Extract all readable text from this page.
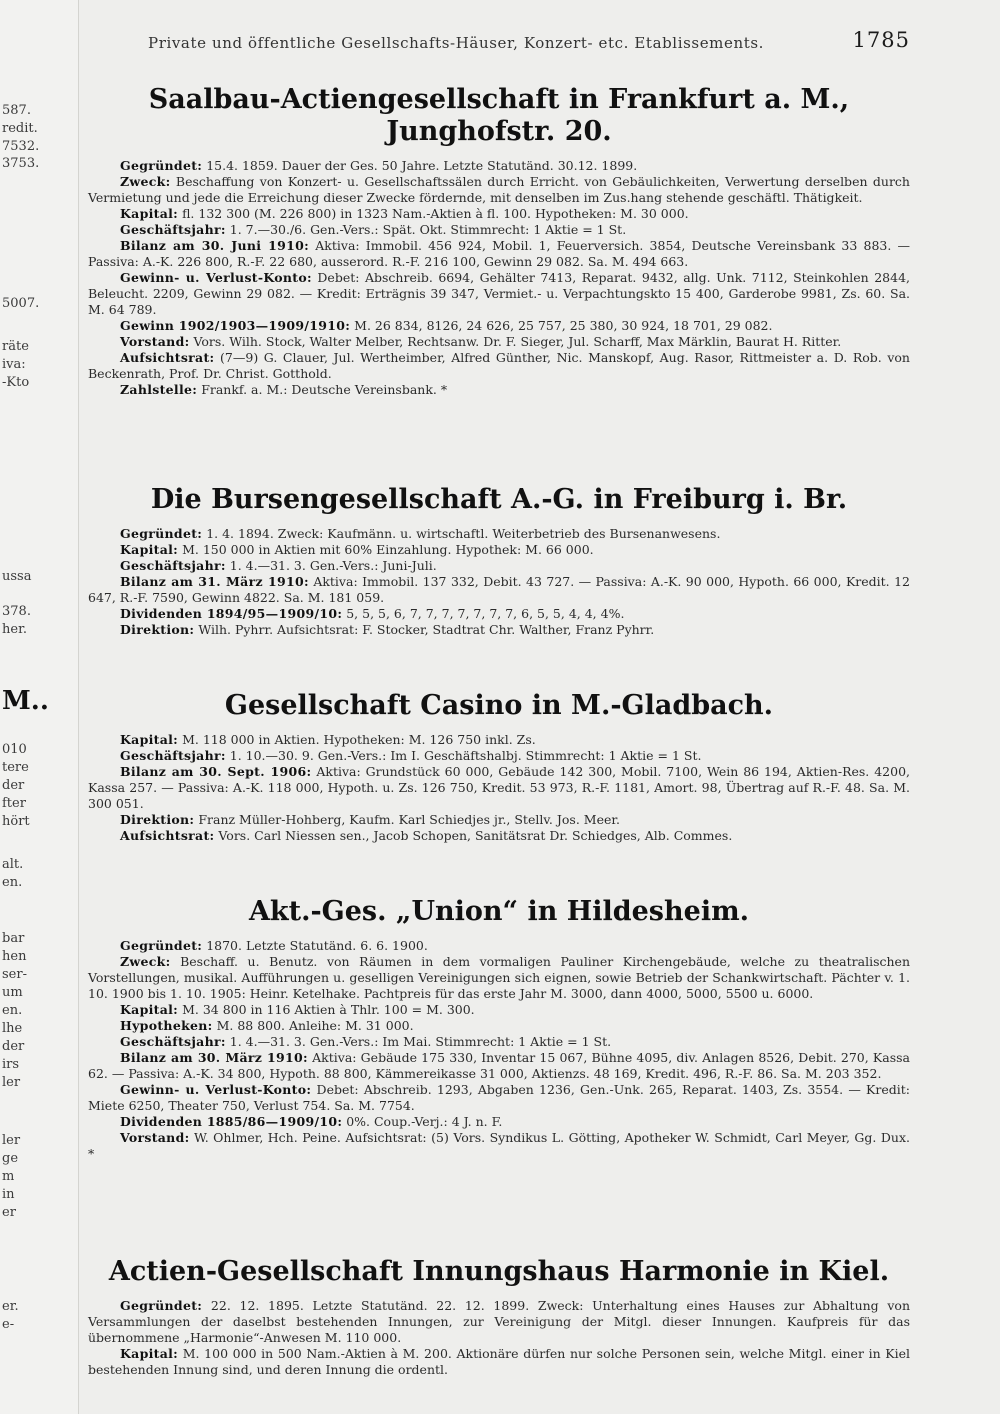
587.
redit.
7532.
3753.
5007.
räte
iva:
-Kto
ussa
378.
her.
M..
010
tere
der
fter
hört
alt.
en.
bar
hen
ser-
um
en.
lhe
der
irs
ler
ler
ge
m
in
er
er.
e-
Private und öffentliche Gesellschafts-Häuser, Konzert- etc. Etablissements.	1785
Saalbau-Actiengesellschaft in Frankfurt a. M., Junghofstr. 20.

Gegründet: 15.4. 1859. Dauer der Ges. 50 Jahre. Letzte Statutänd. 30.12. 1899.

Zweck: Beschaffung von Konzert- u. Gesellschaftssälen durch Erricht. von Gebäulichkeiten, Verwertung derselben durch Vermietung und jede die Erreichung dieser Zwecke fördernde, mit denselben im Zus.hang stehende geschäftl. Thätigkeit.

Kapital: fl. 132 300 (M. 226 800) in 1323 Nam.-Aktien à fl. 100. Hypotheken: M. 30 000.

Geschäftsjahr: 1. 7.—30./6. Gen.-Vers.: Spät. Okt. Stimmrecht: 1 Aktie = 1 St.

Bilanz am 30. Juni 1910: Aktiva: Immobil. 456 924, Mobil. 1, Feuerversich. 3854, Deutsche Vereinsbank 33 883. — Passiva: A.-K. 226 800, R.-F. 22 680, ausserord. R.-F. 216 100, Gewinn 29 082. Sa. M. 494 663.

Gewinn- u. Verlust-Konto: Debet: Abschreib. 6694, Gehälter 7413, Reparat. 9432, allg. Unk. 7112, Steinkohlen 2844, Beleucht. 2209, Gewinn 29 082. — Kredit: Erträgnis 39 347, Vermiet.- u. Verpachtungskto 15 400, Garderobe 9981, Zs. 60. Sa. M. 64 789.

Gewinn 1902/1903—1909/1910: M. 26 834, 8126, 24 626, 25 757, 25 380, 30 924, 18 701, 29 082.

Vorstand: Vors. Wilh. Stock, Walter Melber, Rechtsanw. Dr. F. Sieger, Jul. Scharff, Max Märklin, Baurat H. Ritter.

Aufsichtsrat: (7—9) G. Clauer, Jul. Wertheimber, Alfred Günther, Nic. Manskopf, Aug. Rasor, Rittmeister a. D. Rob. von Beckenrath, Prof. Dr. Christ. Gotthold.

Zahlstelle: Frankf. a. M.: Deutsche Vereinsbank. *

Die Bursengesellschaft A.-G. in Freiburg i. Br.

Gegründet: 1. 4. 1894. Zweck: Kaufmänn. u. wirtschaftl. Weiterbetrieb des Bursenanwesens.

Kapital: M. 150 000 in Aktien mit 60% Einzahlung. Hypothek: M. 66 000.

Geschäftsjahr: 1. 4.—31. 3. Gen.-Vers.: Juni-Juli.

Bilanz am 31. März 1910: Aktiva: Immobil. 137 332, Debit. 43 727. — Passiva: A.-K. 90 000, Hypoth. 66 000, Kredit. 12 647, R.-F. 7590, Gewinn 4822. Sa. M. 181 059.

Dividenden 1894/95—1909/10: 5, 5, 5, 6, 7, 7, 7, 7, 7, 7, 7, 6, 5, 5, 4, 4, 4%.

Direktion: Wilh. Pyhrr. Aufsichtsrat: F. Stocker, Stadtrat Chr. Walther, Franz Pyhrr.

Gesellschaft Casino in M.-Gladbach.

Kapital: M. 118 000 in Aktien. Hypotheken: M. 126 750 inkl. Zs.

Geschäftsjahr: 1. 10.—30. 9. Gen.-Vers.: Im I. Geschäftshalbj. Stimmrecht: 1 Aktie = 1 St.

Bilanz am 30. Sept. 1906: Aktiva: Grundstück 60 000, Gebäude 142 300, Mobil. 7100, Wein 86 194, Aktien-Res. 4200, Kassa 257. — Passiva: A.-K. 118 000, Hypoth. u. Zs. 126 750, Kredit. 53 973, R.-F. 1181, Amort. 98, Übertrag auf R.-F. 48. Sa. M. 300 051.

Direktion: Franz Müller-Hohberg, Kaufm. Karl Schiedjes jr., Stellv. Jos. Meer.

Aufsichtsrat: Vors. Carl Niessen sen., Jacob Schopen, Sanitätsrat Dr. Schiedges, Alb. Commes.

Akt.-Ges. „Union“ in Hildesheim.

Gegründet: 1870. Letzte Statutänd. 6. 6. 1900.

Zweck: Beschaff. u. Benutz. von Räumen in dem vormaligen Pauliner Kirchengebäude, welche zu theatralischen Vorstellungen, musikal. Aufführungen u. geselligen Vereinigungen sich eignen, sowie Betrieb der Schankwirtschaft. Pächter v. 1. 10. 1900 bis 1. 10. 1905: Heinr. Ketelhake. Pachtpreis für das erste Jahr M. 3000, dann 4000, 5000, 5500 u. 6000.

Kapital: M. 34 800 in 116 Aktien à Thlr. 100 = M. 300.

Hypotheken: M. 88 800. Anleihe: M. 31 000.

Geschäftsjahr: 1. 4.—31. 3. Gen.-Vers.: Im Mai. Stimmrecht: 1 Aktie = 1 St.

Bilanz am 30. März 1910: Aktiva: Gebäude 175 330, Inventar 15 067, Bühne 4095, div. Anlagen 8526, Debit. 270, Kassa 62. — Passiva: A.-K. 34 800, Hypoth. 88 800, Kämmereikasse 31 000, Aktienzs. 48 169, Kredit. 496, R.-F. 86. Sa. M. 203 352.

Gewinn- u. Verlust-Konto: Debet: Abschreib. 1293, Abgaben 1236, Gen.-Unk. 265, Reparat. 1403, Zs. 3554. — Kredit: Miete 6250, Theater 750, Verlust 754. Sa. M. 7754.

Dividenden 1885/86—1909/10: 0%. Coup.-Verj.: 4 J. n. F.

Vorstand: W. Ohlmer, Hch. Peine. Aufsichtsrat: (5) Vors. Syndikus L. Götting, Apotheker W. Schmidt, Carl Meyer, Gg. Dux. *

Actien-Gesellschaft Innungshaus Harmonie in Kiel.

Gegründet: 22. 12. 1895. Letzte Statutänd. 22. 12. 1899. Zweck: Unterhaltung eines Hauses zur Abhaltung von Versammlungen der daselbst bestehenden Innungen, zur Vereinigung der Mitgl. dieser Innungen. Kaufpreis für das übernommene „Harmonie“-Anwesen M. 110 000.

Kapital: M. 100 000 in 500 Nam.-Aktien à M. 200. Aktionäre dürfen nur solche Personen sein, welche Mitgl. einer in Kiel bestehenden Innung sind, und deren Innung die ordentl.
